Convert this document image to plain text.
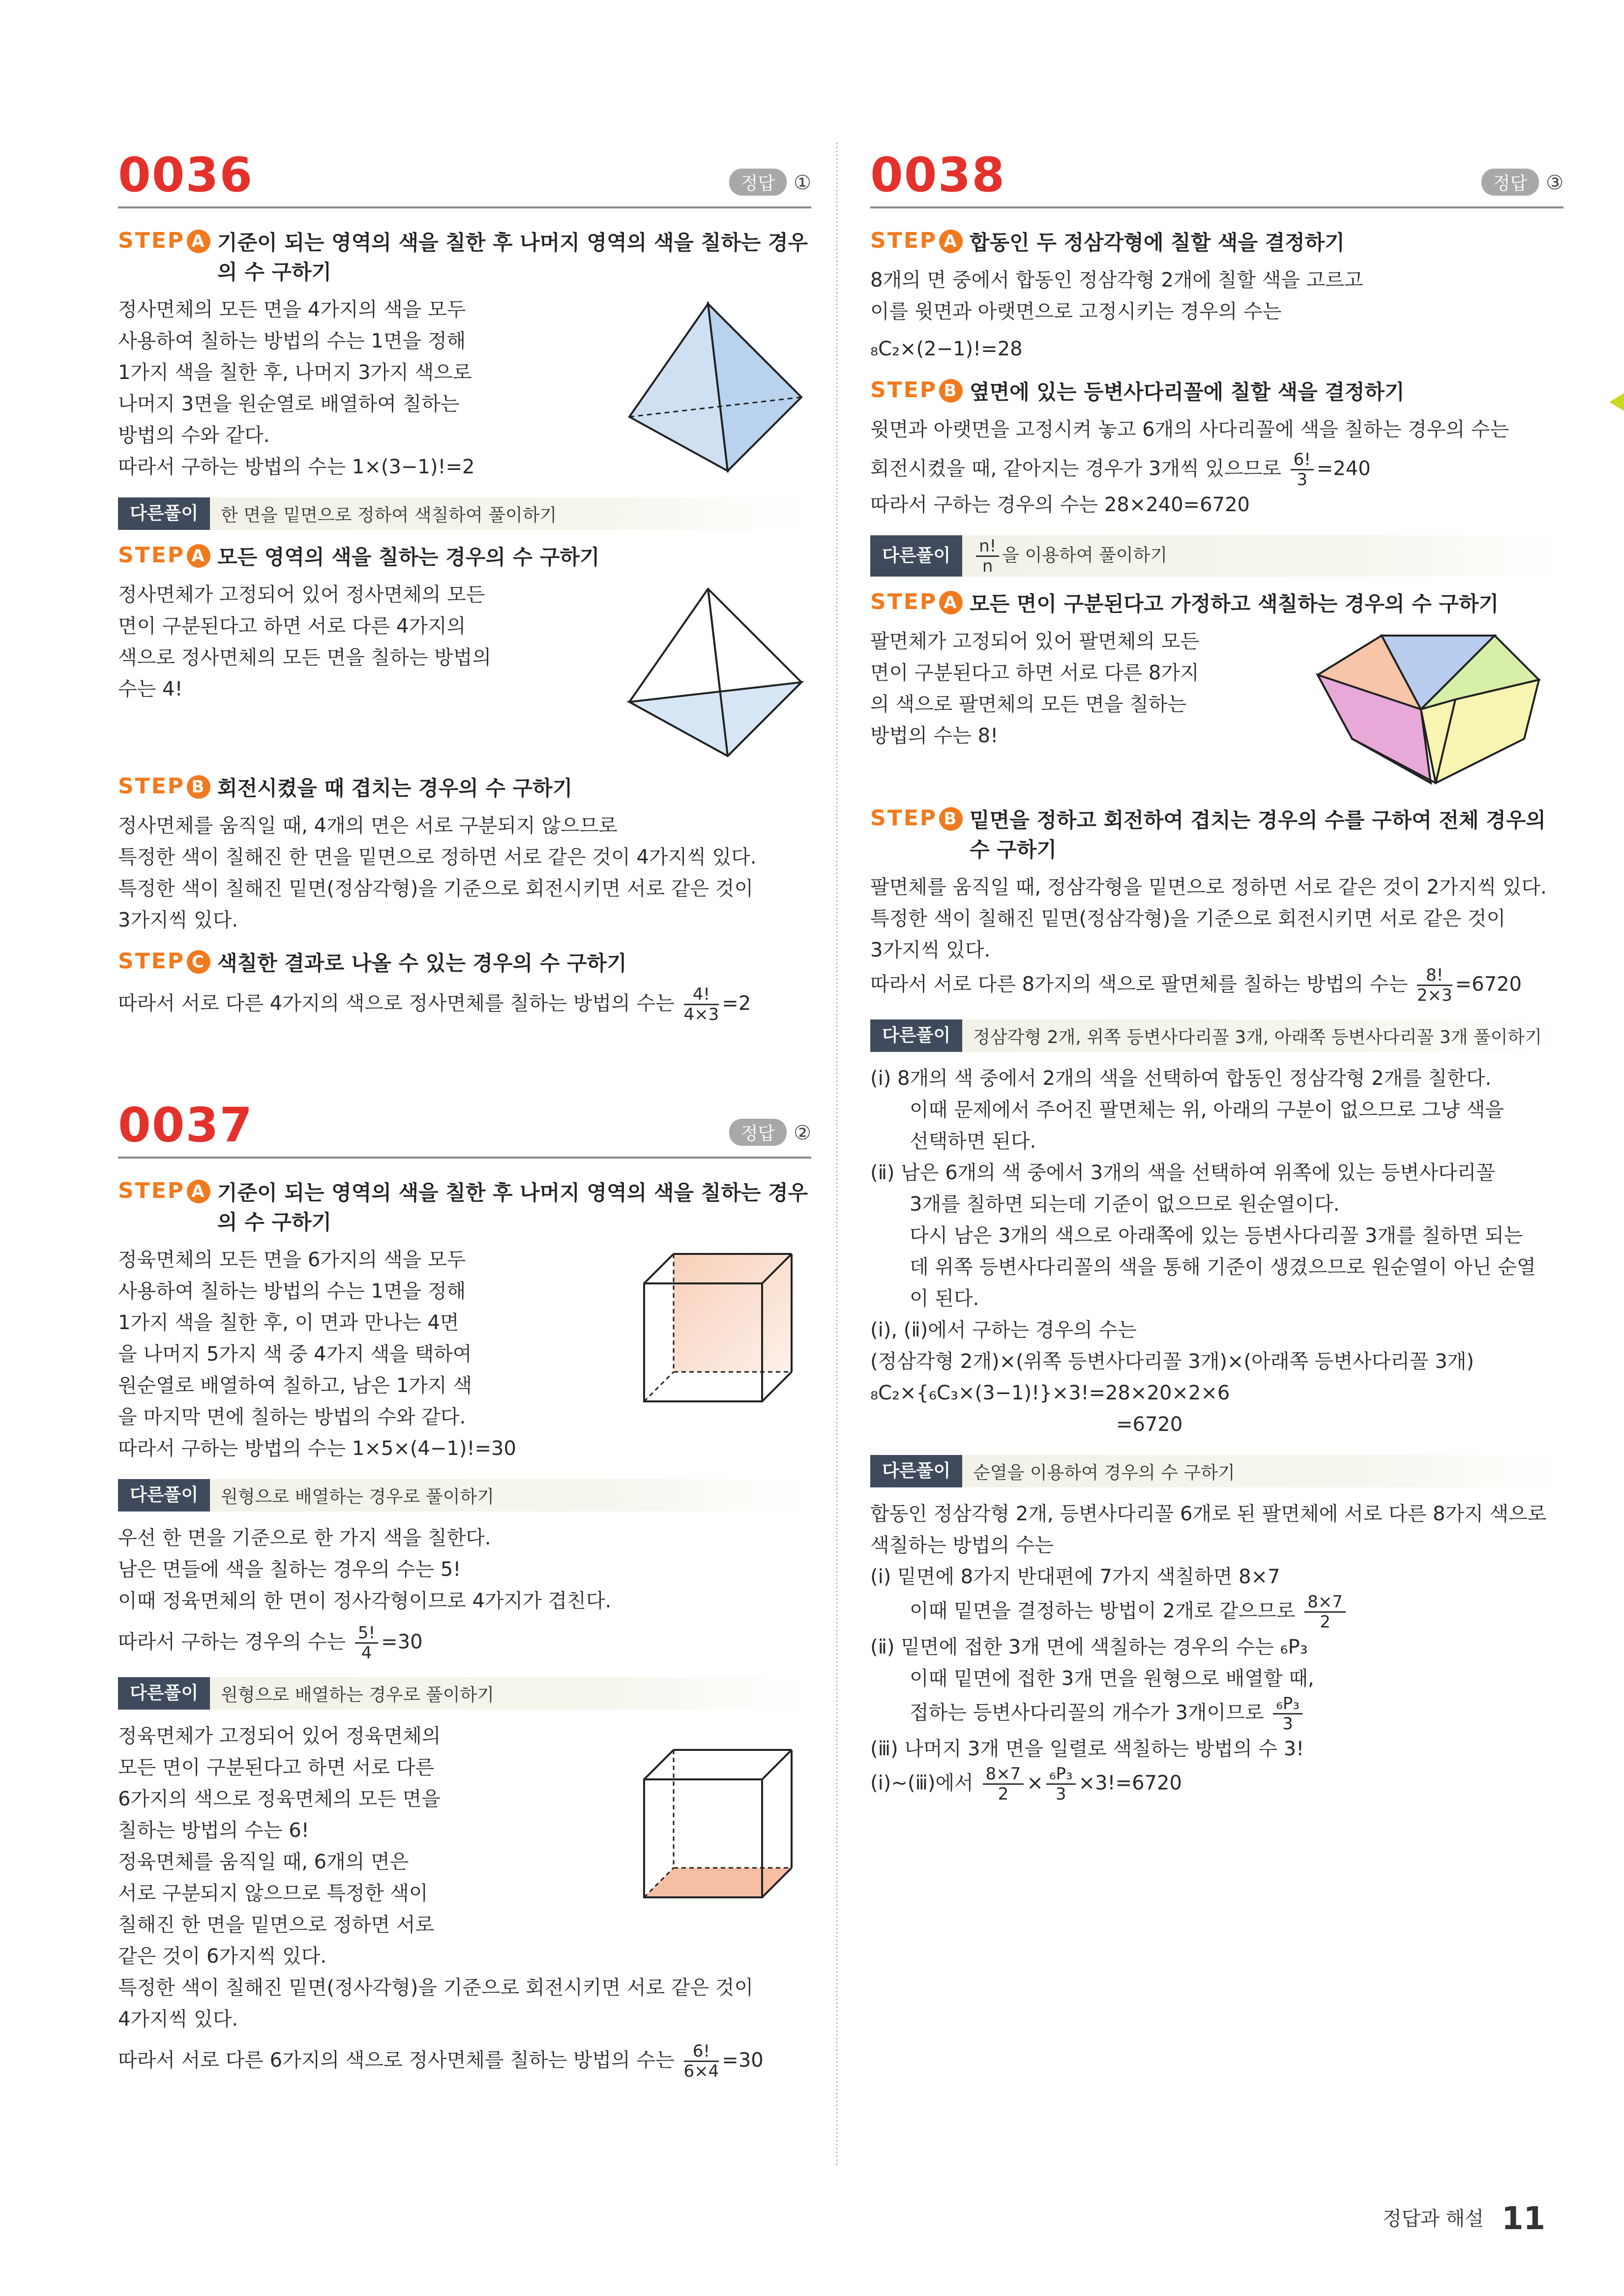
0036	정답 ①
STEP A 기준이 되는 영역의 색을 칠한 후 나머지 영역의 색을 칠하는 경우의 수 구하기

정사면체의 모든 면을 4가지의 색을 모두

사용하여 칠하는 방법의 수는 1면을 정해

1가지 색을 칠한 후, 나머지 3가지 색으로

나머지 3면을 원순열로 배열하여 칠하는

방법의 수와 같다.

따라서 구하는 방법의 수는 1×(3−1)!=2

다른풀이	한 면을 밑면으로 정하여 색칠하여 풀이하기
STEP A 모든 영역의 색을 칠하는 경우의 수 구하기

정사면체가 고정되어 있어 정사면체의 모든

면이 구분된다고 하면 서로 다른 4가지의

색으로 정사면체의 모든 면을 칠하는 방법의

수는 4!

STEP B 회전시켰을 때 겹치는 경우의 수 구하기

정사면체를 움직일 때, 4개의 면은 서로 구분되지 않으므로

특정한 색이 칠해진 한 면을 밑면으로 정하면 서로 같은 것이 4가지씩 있다.

특정한 색이 칠해진 밑면(정삼각형)을 기준으로 회전시키면 서로 같은 것이

3가지씩 있다.

STEP C 색칠한 결과로 나올 수 있는 경우의 수 구하기

따라서 서로 다른 4가지의 색으로 정사면체를 칠하는 방법의 수는 $\frac{4!}{4\times 3} =2$

0037	정답 ②
STEP A 기준이 되는 영역의 색을 칠한 후 나머지 영역의 색을 칠하는 경우의 수 구하기

정육면체의 모든 면을 6가지의 색을 모두

사용하여 칠하는 방법의 수는 1면을 정해

1가지 색을 칠한 후, 이 면과 만나는 4면

을 나머지 5가지 색 중 4가지 색을 택하여

원순열로 배열하여 칠하고, 남은 1가지 색

을 마지막 면에 칠하는 방법의 수와 같다.

따라서 구하는 방법의 수는 1×5×(4−1)!=30

다른풀이	원형으로 배열하는 경우로 풀이하기

우선 한 면을 기준으로 한 가지 색을 칠한다.

남은 면들에 색을 칠하는 경우의 수는 5!

이때 정육면체의 한 면이 정사각형이므로 4가지가 겹친다.

따라서 구하는 경우의 수는 $\frac{5!}{4} =30$

다른풀이	원형으로 배열하는 경우로 풀이하기

정육면체가 고정되어 있어 정육면체의

모든 면이 구분된다고 하면 서로 다른

6가지의 색으로 정육면체의 모든 면을

칠하는 방법의 수는 6!

정육면체를 움직일 때, 6개의 면은

서로 구분되지 않으므로 특정한 색이

칠해진 한 면을 밑면으로 정하면 서로

같은 것이 6가지씩 있다.

특정한 색이 칠해진 밑면(정사각형)을 기준으로 회전시키면 서로 같은 것이

4가지씩 있다.

따라서 서로 다른 6가지의 색으로 정사면체를 칠하는 방법의 수는 $\frac{6!}{6\times 4} =30$

0038	정답 ③
STEP A 합동인 두 정삼각형에 칠할 색을 결정하기

8개의 면 중에서 합동인 정삼각형 2개에 칠할 색을 고르고

이를 윗면과 아랫면으로 고정시키는 경우의 수는

₈C₂×(2−1)!=28

STEP B 옆면에 있는 등변사다리꼴에 칠할 색을 결정하기

윗면과 아랫면을 고정시켜 놓고 6개의 사다리꼴에 색을 칠하는 경우의 수는

회전시켰을 때, 같아지는 경우가 3개씩 있으므로 $\frac{6!}{3} =240$

따라서 구하는 경우의 수는 28×240=6720

다른풀이	$\frac{n!}{n}$ 을 이용하여 풀이하기
STEP A 모든 면이 구분된다고 가정하고 색칠하는 경우의 수 구하기

팔면체가 고정되어 있어 팔면체의 모든

면이 구분된다고 하면 서로 다른 8가지

의 색으로 팔면체의 모든 면을 칠하는

방법의 수는 8!

STEP B 밑면을 정하고 회전하여 겹치는 경우의 수를 구하여 전체 경우의 수 구하기

팔면체를 움직일 때, 정삼각형을 밑면으로 정하면 서로 같은 것이 2가지씩 있다.

특정한 색이 칠해진 밑면(정삼각형)을 기준으로 회전시키면 서로 같은 것이

3가지씩 있다.

따라서 서로 다른 8가지의 색으로 팔면체를 칠하는 방법의 수는 $\frac{8!}{2\times 3} =6720$

다른풀이	정삼각형 2개, 위쪽 등변사다리꼴 3개, 아래쪽 등변사다리꼴 3개 풀이하기

(ⅰ) 8개의 색 중에서 2개의 색을 선택하여 합동인 정삼각형 2개를 칠한다.

이때 문제에서 주어진 팔면체는 위, 아래의 구분이 없으므로 그냥 색을

선택하면 된다.

(ⅱ) 남은 6개의 색 중에서 3개의 색을 선택하여 위쪽에 있는 등변사다리꼴

3개를 칠하면 되는데 기준이 없으므로 원순열이다.

다시 남은 3개의 색으로 아래쪽에 있는 등변사다리꼴 3개를 칠하면 되는

데 위쪽 등변사다리꼴의 색을 통해 기준이 생겼으므로 원순열이 아닌 순열

이 된다.

(ⅰ), (ⅱ)에서 구하는 경우의 수는

(정삼각형 2개)×(위쪽 등변사다리꼴 3개)×(아래쪽 등변사다리꼴 3개)

₈C₂×{₆C₃×(3−1)!}×3!=28×20×2×6

=6720

다른풀이	순열을 이용하여 경우의 수 구하기

합동인 정삼각형 2개, 등변사다리꼴 6개로 된 팔면체에 서로 다른 8가지 색으로

색칠하는 방법의 수는

(ⅰ) 밑면에 8가지 반대편에 7가지 색칠하면 8×7

이때 밑면을 결정하는 방법이 2개로 같으므로 $\frac{8\times 7}{2}$

(ⅱ) 밑면에 접한 3개 면에 색칠하는 경우의 수는 ₆P₃

이때 밑면에 접한 3개 면을 원형으로 배열할 때,

접하는 등변사다리꼴의 개수가 3개이므로 $\frac{\text{₆P₃}}{3}$

(ⅲ) 나머지 3개 면을 일렬로 색칠하는 방법의 수 3!

(ⅰ)~(ⅲ)에서 $\frac{8\times 7}{2} \times \frac{\text{₆P₃}}{3} \times 3!=6720$

정답과 해설 11
